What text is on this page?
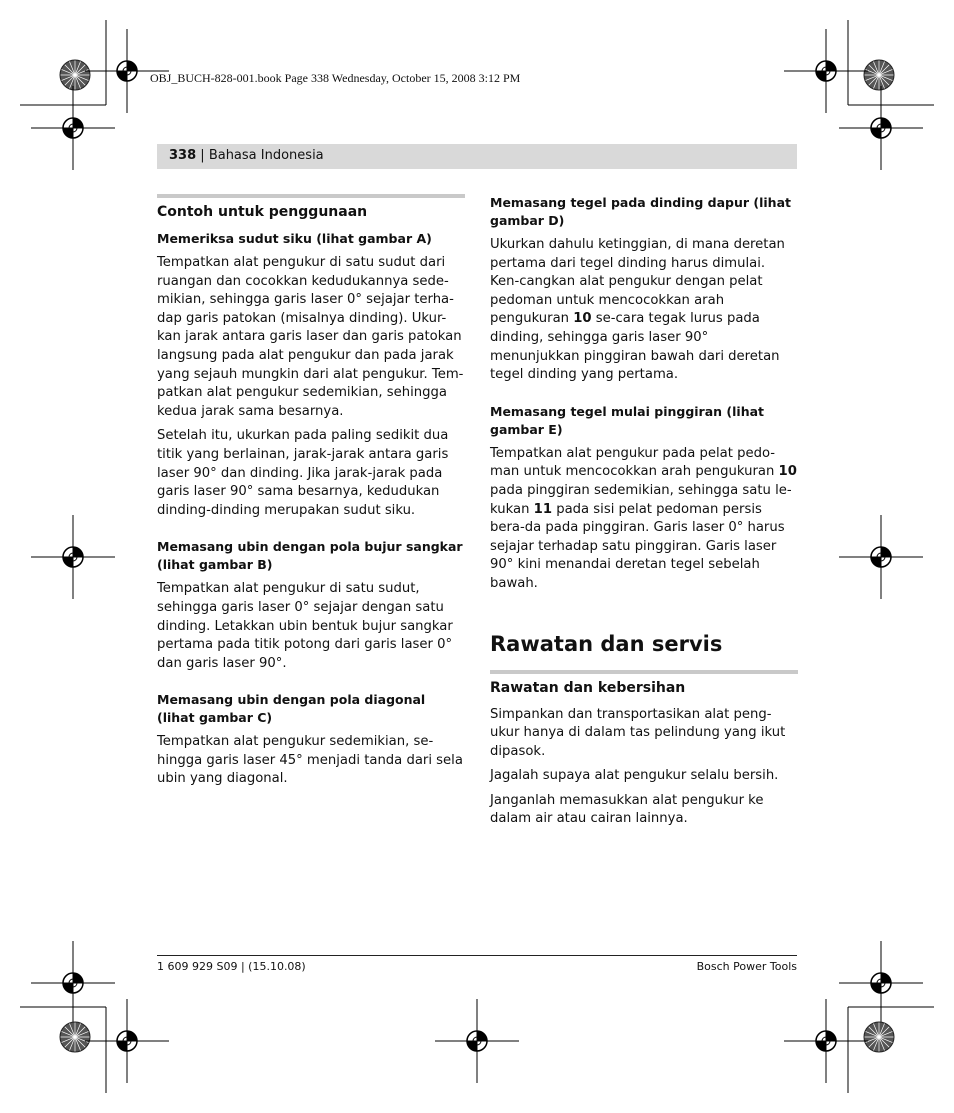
OBJ_BUCH-828-001.book Page 338 Wednesday, October 15, 2008 3:12 PM
338 | Bahasa Indonesia
Contoh untuk penggunaan
Memeriksa sudut siku (lihat gambar A)

Tempatkan alat pengukur di satu sudut dari ruangan dan cocokkan kedudukannya sede-mikian, sehingga garis laser 0° sejajar terha-dap garis patokan (misalnya dinding). Ukur-kan jarak antara garis laser dan garis patokan langsung pada alat pengukur dan pada jarak yang sejauh mungkin dari alat pengukur. Tem-patkan alat pengukur sedemikian, sehingga kedua jarak sama besarnya.

Setelah itu, ukurkan pada paling sedikit dua titik yang berlainan, jarak-jarak antara garis laser 90° dan dinding. Jika jarak-jarak pada garis laser 90° sama besarnya, kedudukan dinding-dinding merupakan sudut siku.

Memasang ubin dengan pola bujur sangkar (lihat gambar B)

Tempatkan alat pengukur di satu sudut, sehingga garis laser 0° sejajar dengan satu dinding. Letakkan ubin bentuk bujur sangkar pertama pada titik potong dari garis laser 0° dan garis laser 90°.

Memasang ubin dengan pola diagonal (lihat gambar C)

Tempatkan alat pengukur sedemikian, se-hingga garis laser 45° menjadi tanda dari sela ubin yang diagonal.

Memasang tegel pada dinding dapur (lihat gambar D)

Ukurkan dahulu ketinggian, di mana deretan pertama dari tegel dinding harus dimulai. Ken-cangkan alat pengukur dengan pelat pedoman untuk mencocokkan arah pengukuran 10 se-cara tegak lurus pada dinding, sehingga garis laser 90° menunjukkan pinggiran bawah dari deretan tegel dinding yang pertama.

Memasang tegel mulai pinggiran (lihat gambar E)

Tempatkan alat pengukur pada pelat pedo-man untuk mencocokkan arah pengukuran 10 pada pinggiran sedemikian, sehingga satu le-kukan 11 pada sisi pelat pedoman persis bera-da pada pinggiran. Garis laser 0° harus sejajar terhadap satu pinggiran. Garis laser 90° kini menandai deretan tegel sebelah bawah.

Rawatan dan servis
Rawatan dan kebersihan

Simpankan dan transportasikan alat peng-ukur hanya di dalam tas pelindung yang ikut dipasok.

Jagalah supaya alat pengukur selalu bersih.

Janganlah memasukkan alat pengukur ke dalam air atau cairan lainnya.

1 609 929 S09 | (15.10.08)	Bosch Power Tools
